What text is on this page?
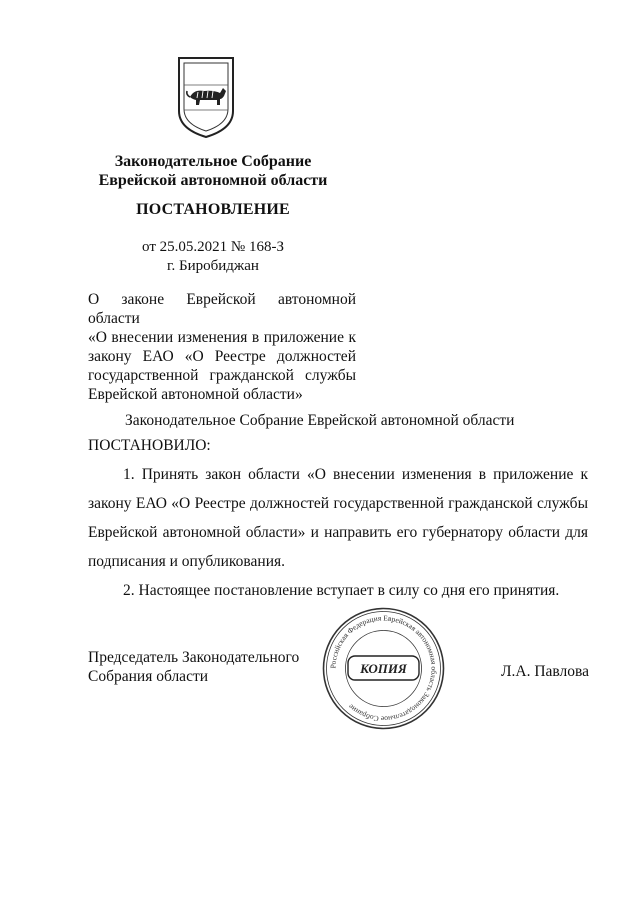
Законодательное Собрание
Еврейской автономной области
ПОСТАНОВЛЕНИЕ
от 25.05.2021 № 168-З
г. Биробиджан
О законе Еврейской автономной области
«О внесении изменения в приложение к
закону ЕАО «О Реестре должностей
государственной гражданской службы
Еврейской автономной области»
Законодательное Собрание Еврейской автономной области
ПОСТАНОВИЛО:

1. Принять закон области «О внесении изменения в приложение к

закону ЕАО «О Реестре должностей государственной гражданской службы

Еврейской автономной области» и направить его губернатору области для

подписания и опубликования.

2. Настоящее постановление вступает в силу со дня его принятия.

Председатель Законодательного
Собрания области
Российская Федерация Еврейская автономная область Законодательное Собрание
КОПИЯ	Л.А. Павлова
